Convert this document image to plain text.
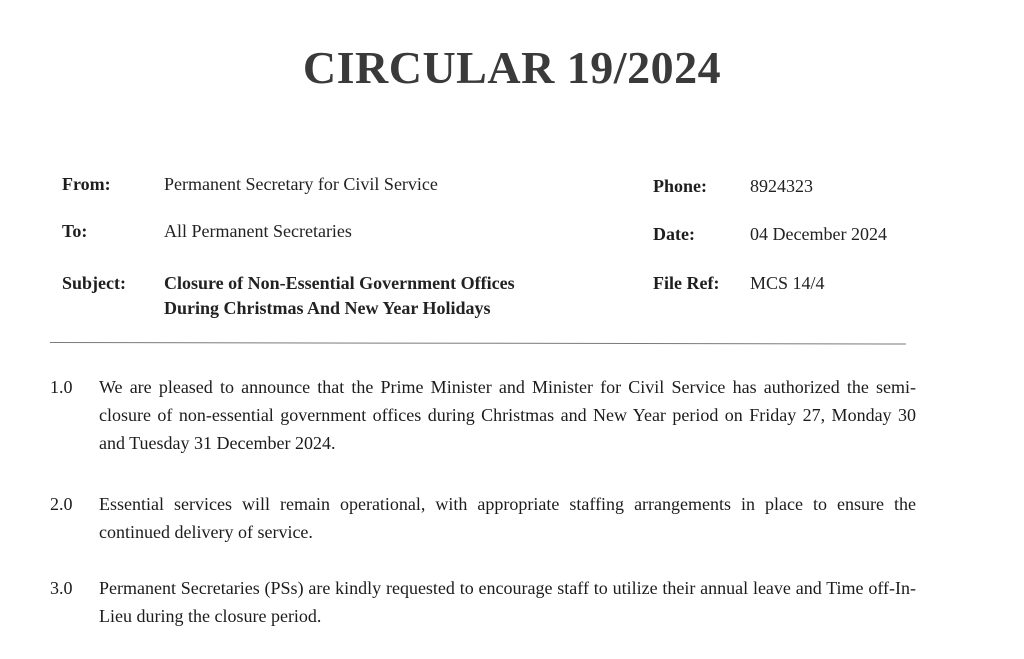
CIRCULAR 19/2024
From:	Permanent Secretary for Civil Service
To:	All Permanent Secretaries
Subject: Closure of Non-Essential Government Offices
During Christmas And New Year Holidays
Phone: 8924323
Date:	04 December 2024
File Ref: MCS 14/4
1.0	We are pleased to announce that the Prime Minister and Minister for Civil Service has authorized the semi-closure of non-essential government offices during Christmas and New Year period on Friday 27, Monday 30 and Tuesday 31 December 2024.
2.0	Essential services will remain operational, with appropriate staffing arrangements in place to ensure the continued delivery of service.
3.0	Permanent Secretaries (PSs) are kindly requested to encourage staff to utilize their annual leave and Time off-In-Lieu during the closure period.
